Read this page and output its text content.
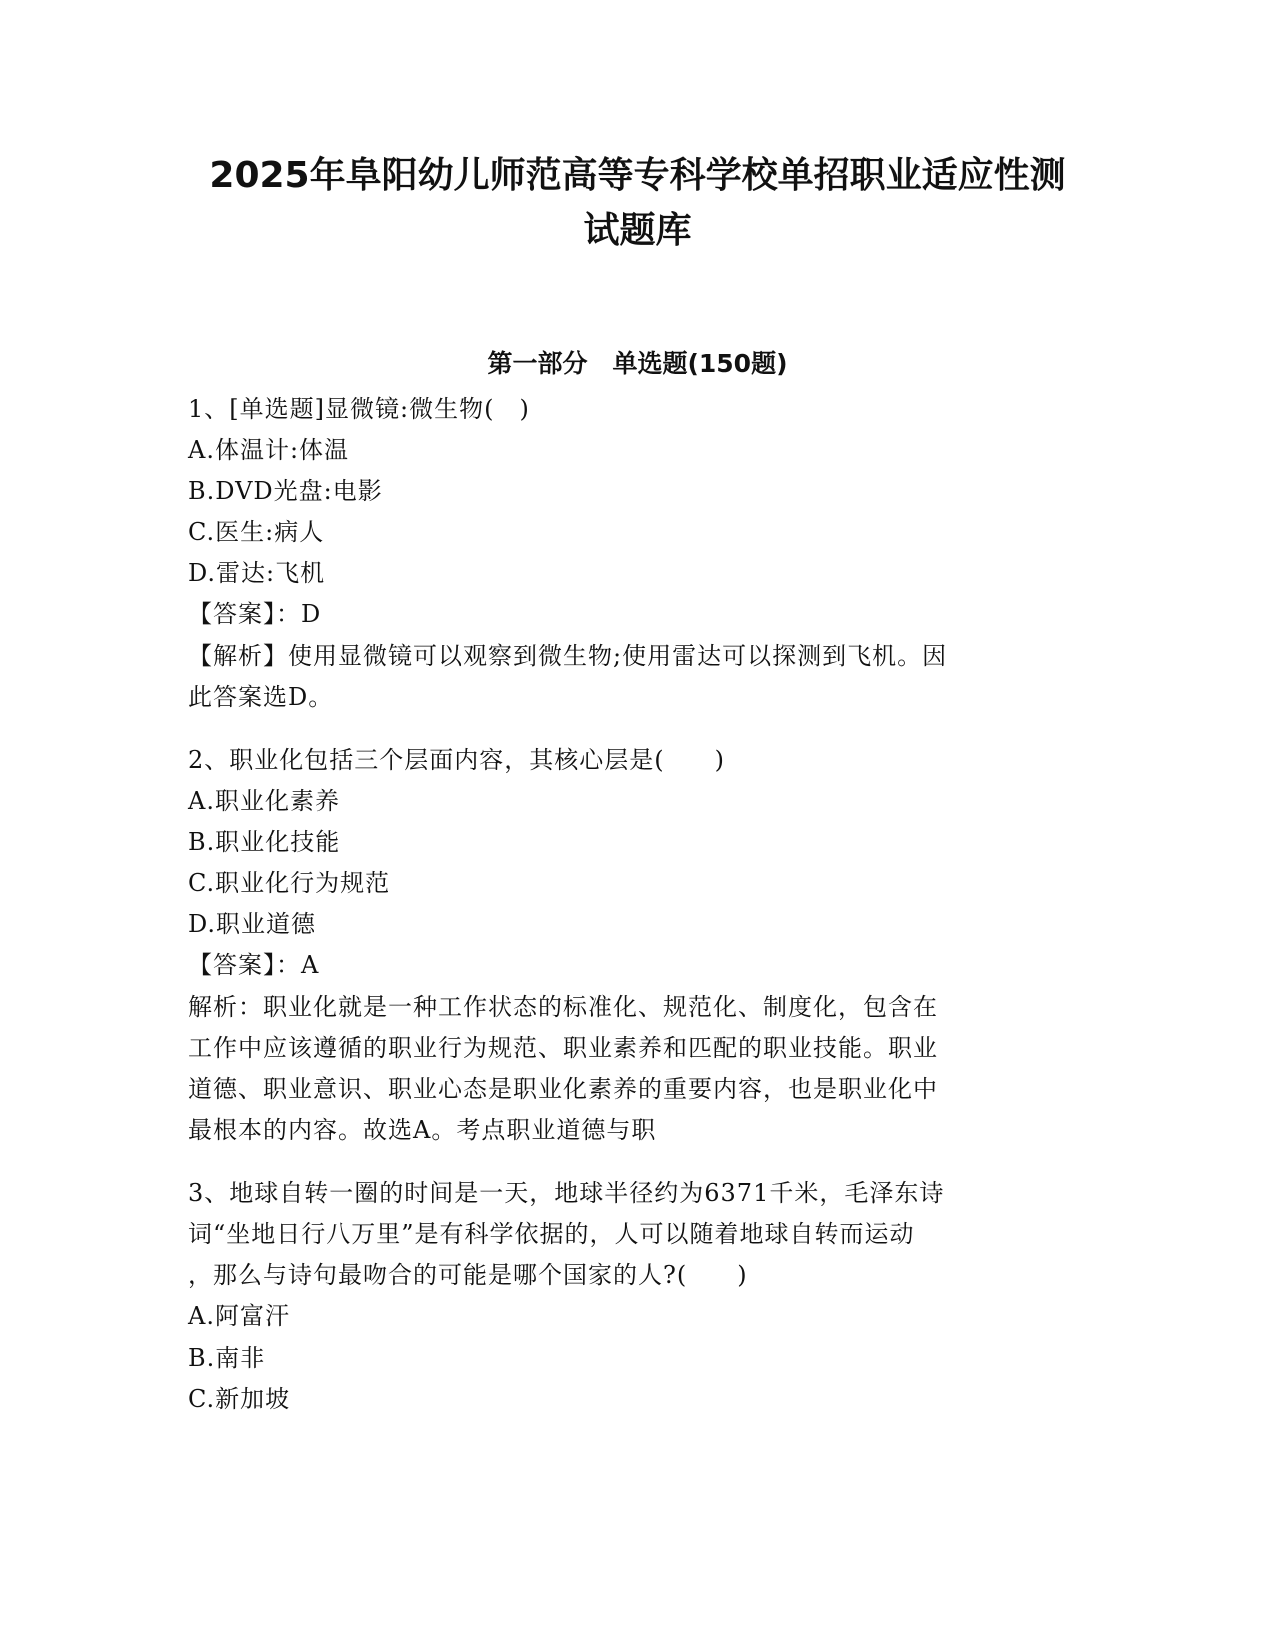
2025年阜阳幼儿师范高等专科学校单招职业适应性测
试题库
第一部分　单选题(150题)
1、[单选题]显微镜:微生物(　)
A.体温计:体温
B.DVD光盘:电影
C.医生:病人
D.雷达:飞机
【答案】：D
【解析】使用显微镜可以观察到微生物;使用雷达可以探测到飞机。因
此答案选D。
2、职业化包括三个层面内容，其核心层是(　　)
A.职业化素养
B.职业化技能
C.职业化行为规范
D.职业道德
【答案】：A
解析：职业化就是一种工作状态的标准化、规范化、制度化，包含在
工作中应该遵循的职业行为规范、职业素养和匹配的职业技能。职业
道德、职业意识、职业心态是职业化素养的重要内容，也是职业化中
最根本的内容。故选A。考点职业道德与职
3、地球自转一圈的时间是一天，地球半径约为6371千米，毛泽东诗
词“坐地日行八万里”是有科学依据的，人可以随着地球自转而运动
，那么与诗句最吻合的可能是哪个国家的人?(　　)
A.阿富汗
B.南非
C.新加坡
